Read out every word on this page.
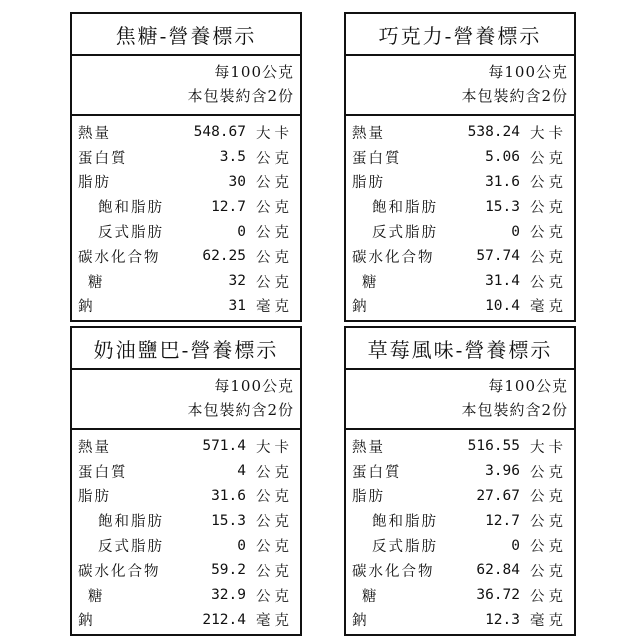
焦糖-營養標示
每100公克
本包裝約含2份
熱量	548.67 大卡
蛋白質	3.5 公克
脂肪	30 公克
飽和脂肪	12.7 公克
反式脂肪	0 公克
碳水化合物	62.25 公克
糖	32 公克
鈉	31 毫克
巧克力-營養標示
每100公克
本包裝約含2份
熱量	538.24 大卡
蛋白質	5.06 公克
脂肪	31.6 公克
飽和脂肪	15.3 公克
反式脂肪	0 公克
碳水化合物	57.74 公克
糖	31.4 公克
鈉	10.4 毫克
奶油鹽巴-營養標示
每100公克
本包裝約含2份
熱量	571.4 大卡
蛋白質	4 公克
脂肪	31.6 公克
飽和脂肪	15.3 公克
反式脂肪	0 公克
碳水化合物	59.2 公克
糖	32.9 公克
鈉	212.4 毫克
草莓風味-營養標示
每100公克
本包裝約含2份
熱量	516.55 大卡
蛋白質	3.96 公克
脂肪	27.67 公克
飽和脂肪	12.7 公克
反式脂肪	0 公克
碳水化合物	62.84 公克
糖	36.72 公克
鈉	12.3 毫克
